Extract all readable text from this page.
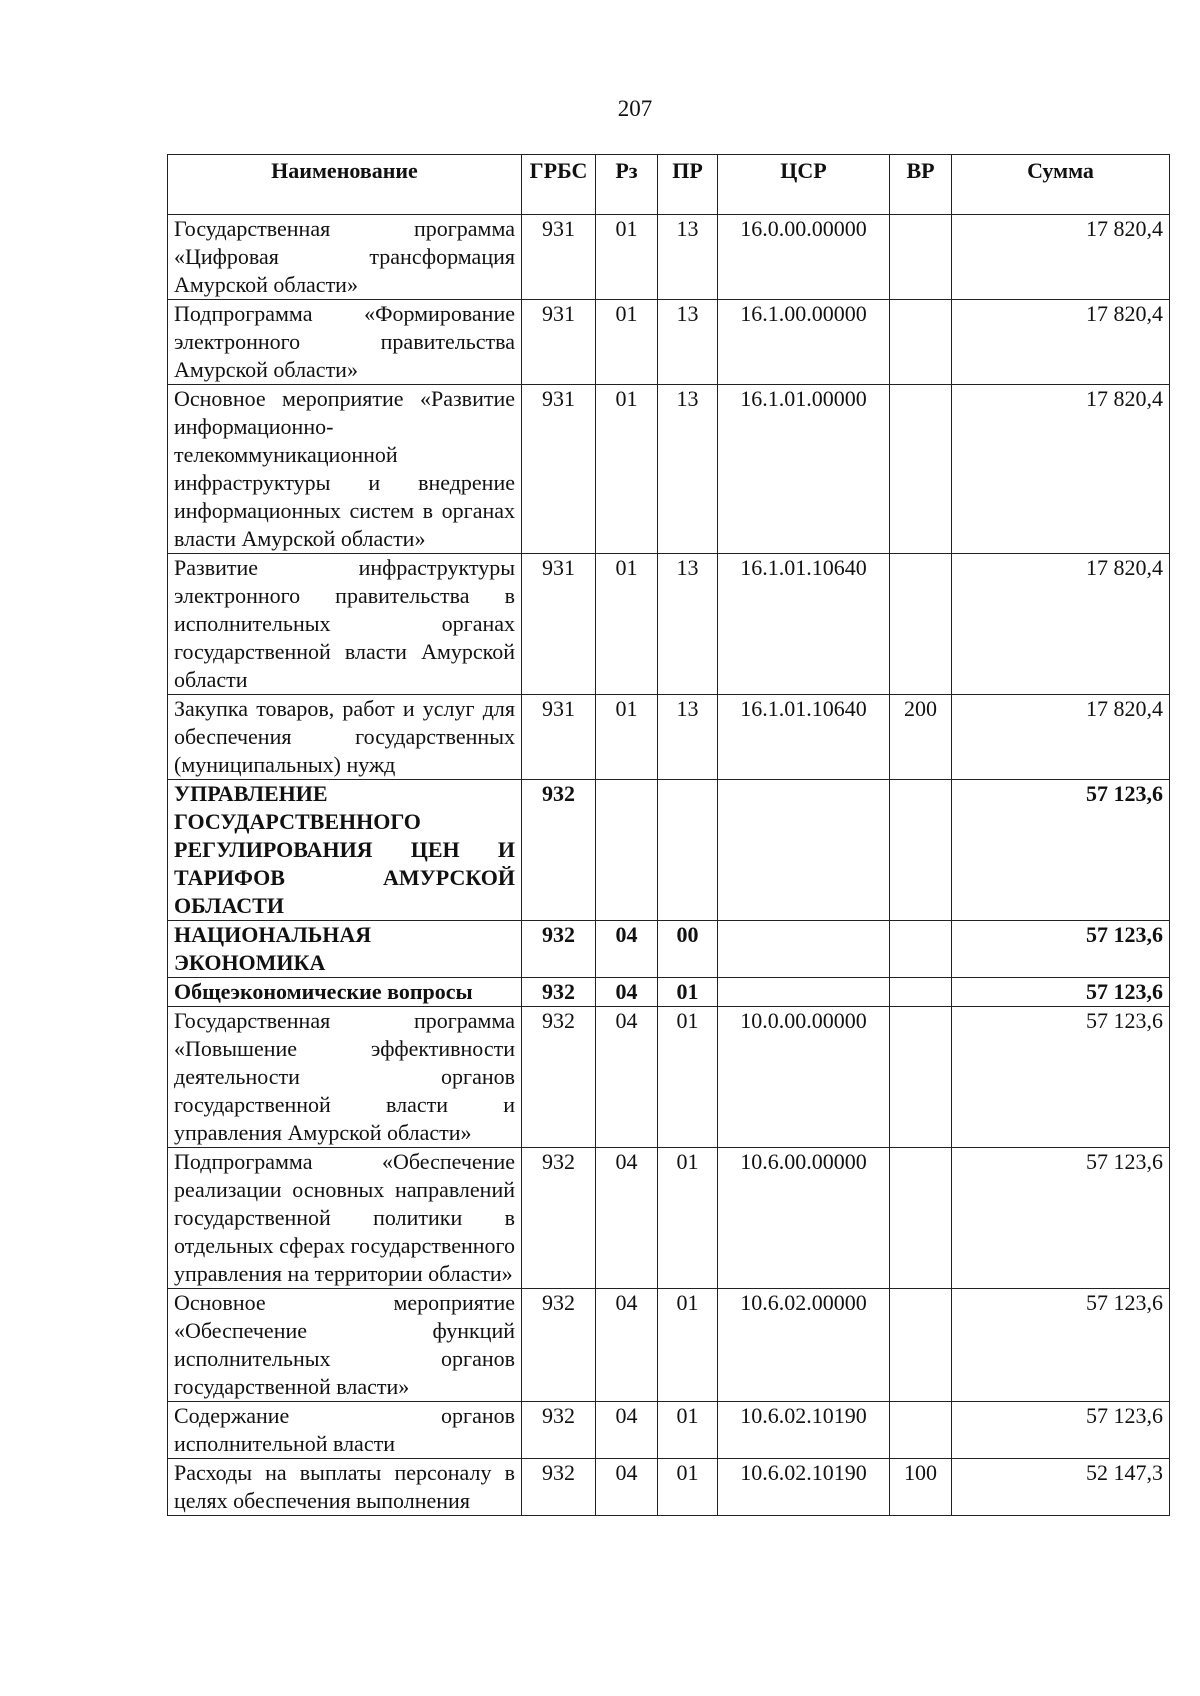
207
Наименование	ГРБС	Рз	ПР	ЦСР	ВР	Сумма
Государственная программа «Цифровая трансформация Амурской области»	931	01	13	16.0.00.00000		17 820,4
Подпрограмма «Формирование электронного правительства Амурской области»	931	01	13	16.1.00.00000		17 820,4
Основное мероприятие «Развитие информационно-телекоммуникационной инфраструктуры и внедрение информационных систем в органах власти Амурской области»	931	01	13	16.1.01.00000		17 820,4
Развитие инфраструктуры электронного правительства в исполнительных органах государственной власти Амурской области	931	01	13	16.1.01.10640		17 820,4
Закупка товаров, работ и услуг для обеспечения государственных (муниципальных) нужд	931	01	13	16.1.01.10640	200	17 820,4
УПРАВЛЕНИЕ ГОСУДАРСТВЕННОГО РЕГУЛИРОВАНИЯ ЦЕН И ТАРИФОВ АМУРСКОЙ ОБЛАСТИ	932					57 123,6
НАЦИОНАЛЬНАЯ ЭКОНОМИКА	932	04	00			57 123,6
Общеэкономические вопросы	932	04	01			57 123,6
Государственная программа «Повышение эффективности деятельности органов государственной власти и управления Амурской области»	932	04	01	10.0.00.00000		57 123,6
Подпрограмма «Обеспечение реализации основных направлений государственной политики в отдельных сферах государственного управления на территории области»	932	04	01	10.6.00.00000		57 123,6
Основное мероприятие «Обеспечение функций исполнительных органов государственной власти»	932	04	01	10.6.02.00000		57 123,6
Содержание органов исполнительной власти	932	04	01	10.6.02.10190		57 123,6
Расходы на выплаты персоналу в целях обеспечения выполнения	932	04	01	10.6.02.10190	100	52 147,3
